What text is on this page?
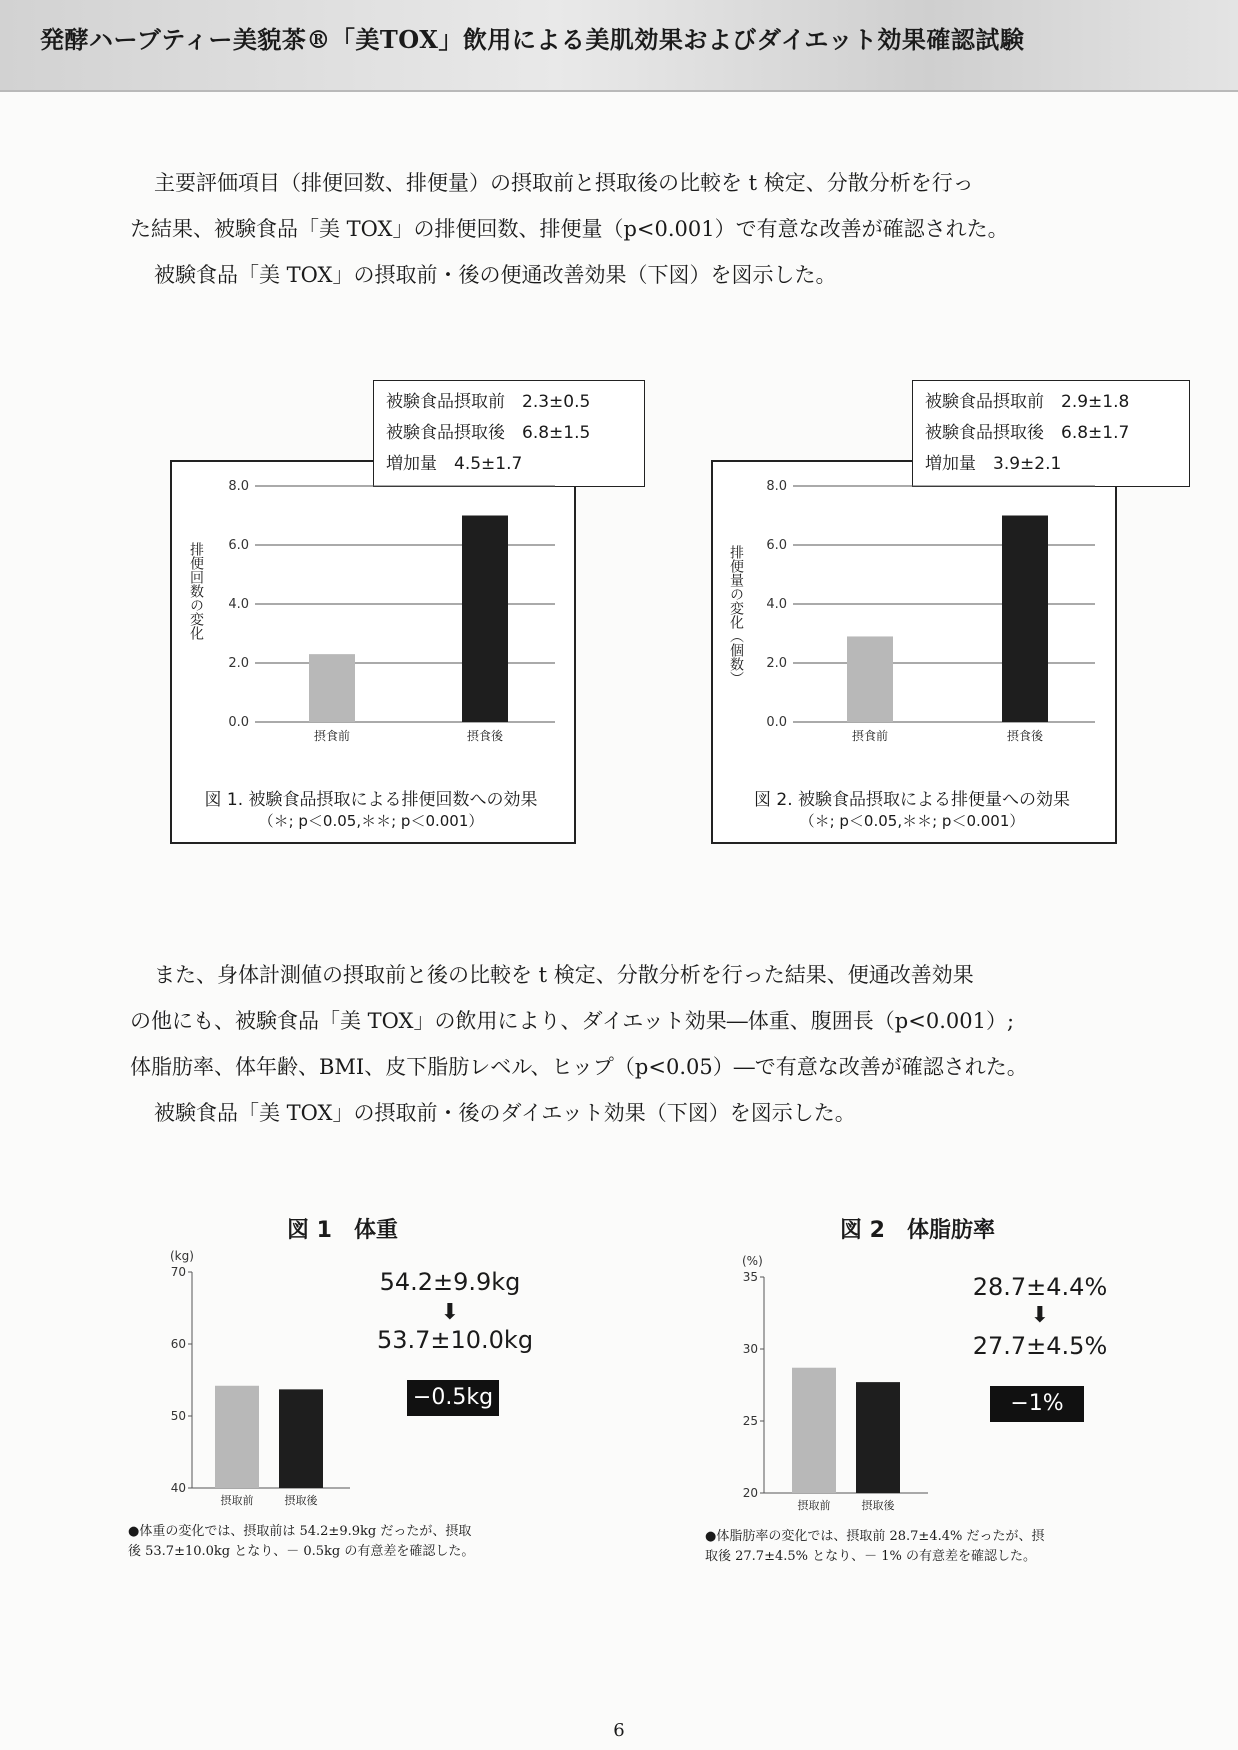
発酵ハーブティー美貌茶®「美TOX」飲用による美肌効果およびダイエット効果確認試験

主要評価項目（排便回数、排便量）の摂取前と摂取後の比較を t 検定、分散分析を行っ

た結果、被験食品「美 TOX」の排便回数、排便量（p<0.001）で有意な改善が確認された。

被験食品「美 TOX」の摂取前・後の便通改善効果（下図）を図示した。

被験食品摂取前　2.3±0.5
被験食品摂取後　6.8±1.5
増加量　4.5±1.7
0.0
2.0
4.0
6.0
8.0
摂食前	摂食後
排便回数の変化
図 1. 被験食品摂取による排便回数への効果
（＊; p＜0.05,＊＊; p＜0.001）
被験食品摂取前　2.9±1.8
被験食品摂取後　6.8±1.7
増加量　3.9±2.1
0.0
2.0
4.0
6.0
8.0
摂食前	摂食後
排便量の変化（個数）
図 2. 被験食品摂取による排便量への効果
（＊; p＜0.05,＊＊; p＜0.001）

また、身体計測値の摂取前と後の比較を t 検定、分散分析を行った結果、便通改善効果

の他にも、被験食品「美 TOX」の飲用により、ダイエット効果―体重、腹囲長（p<0.001）;

体脂肪率、体年齢、BMI、皮下脂肪レベル、ヒップ（p<0.05）―で有意な改善が確認された。

被験食品「美 TOX」の摂取前・後のダイエット効果（下図）を図示した。

図 1　体重
40
50
60
70
(kg)
摂取前	摂取後
54.2±9.9kg
⬇
53.7±10.0kg
−0.5kg
●体重の変化では、摂取前は 54.2±9.9kg だったが、摂取
後 53.7±10.0kg となり、－ 0.5kg の有意差を確認した。
図 2　体脂肪率
20
25
30
35
(%)
摂取前	摂取後
28.7±4.4%
⬇
27.7±4.5%
−1%
●体脂肪率の変化では、摂取前 28.7±4.4% だったが、摂
取後 27.7±4.5% となり、－ 1% の有意差を確認した。
6
